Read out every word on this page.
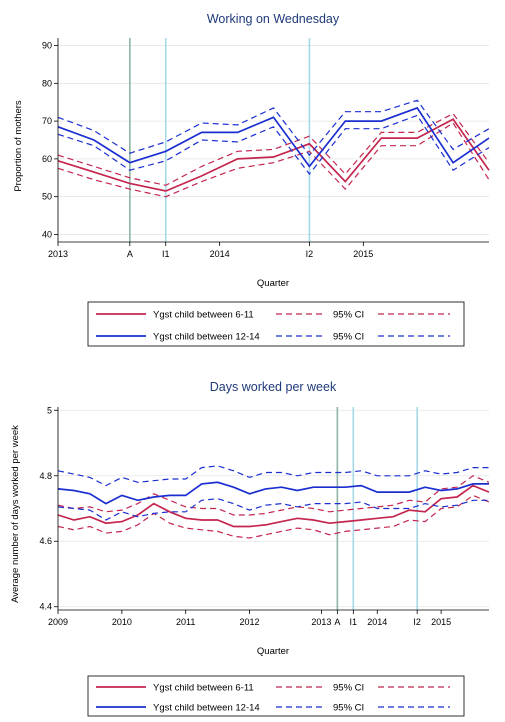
Working on Wednesday
Proportion of mothers
Quarter
40
50
60
70
80
90
2013	A	I1	2014	I2	2015
Ygst child between 6-11	95% CI
Ygst child between 12-14	95% CI
Days worked per week
Average number of days worked per week
Quarter
4.4
4.6
4.8
5
2009	2010	2011	2012	2013 A I1 2014	I2 2015
Ygst child between 6-11	95% CI
Ygst child between 12-14	95% CI
